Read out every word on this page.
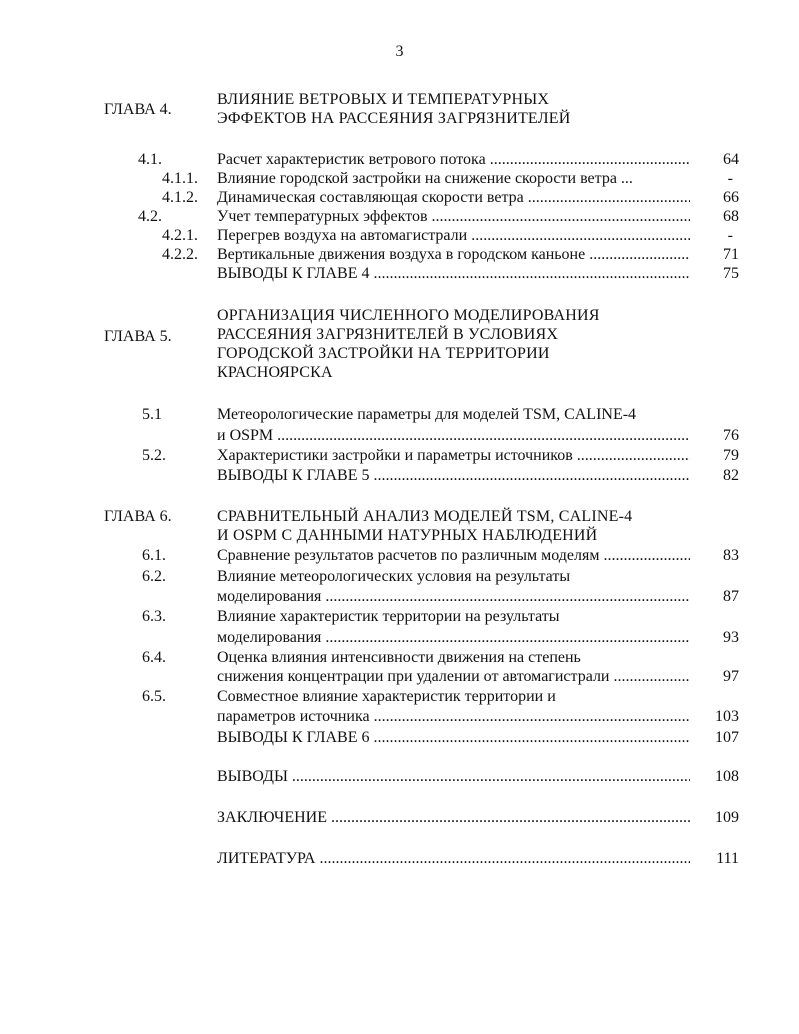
3
ГЛАВА 4.
ВЛИЯНИЕ ВЕТРОВЫХ И ТЕМПЕРАТУРНЫХ
ЭФФЕКТОВ НА РАССЕЯНИЯ ЗАГРЯЗНИТЕЛЕЙ
4.1.	Расчет характеристик ветрового потока .....	64
4.1.1. Влияние городской застройки на снижение скорости ветра ...	-
4.1.2. Динамическая составляющая скорости ветра .....	66
4.2.	Учет температурных эффектов .....	68
4.2.1. Перегрев воздуха на автомагистрали .....	-
4.2.2. Вертикальные движения воздуха в городском каньоне .....	71
ВЫВОДЫ К ГЛАВЕ 4 .....	75
ГЛАВА 5.
ОРГАНИЗАЦИЯ ЧИСЛЕННОГО МОДЕЛИРОВАНИЯ
РАССЕЯНИЯ ЗАГРЯЗНИТЕЛЕЙ В УСЛОВИЯХ
ГОРОДСКОЙ ЗАСТРОЙКИ НА ТЕРРИТОРИИ
КРАСНОЯРСКА
5.1	Метеорологические параметры для моделей TSM, CALINE-4
и OSPM .....	76
5.2.	Характеристики застройки и параметры источников .....	79
ВЫВОДЫ К ГЛАВЕ 5 .....	82
ГЛАВА 6.	СРАВНИТЕЛЬНЫЙ АНАЛИЗ МОДЕЛЕЙ TSM, CALINE-4
И OSPM С ДАННЫМИ НАТУРНЫХ НАБЛЮДЕНИЙ
6.1.	Сравнение результатов расчетов по различным моделям .....	83
6.2.	Влияние метеорологических условия на результаты
моделирования .....	87
6.3.	Влияние характеристик территории на результаты
моделирования .....	93
6.4.	Оценка влияния интенсивности движения на степень
снижения концентрации при удалении от автомагистрали .....	97
6.5.	Совместное влияние характеристик территории и
параметров источника .....	103
ВЫВОДЫ К ГЛАВЕ 6 .....	107
ВЫВОДЫ .....	108
ЗАКЛЮЧЕНИЕ .....	109
ЛИТЕРАТУРА .....	111
